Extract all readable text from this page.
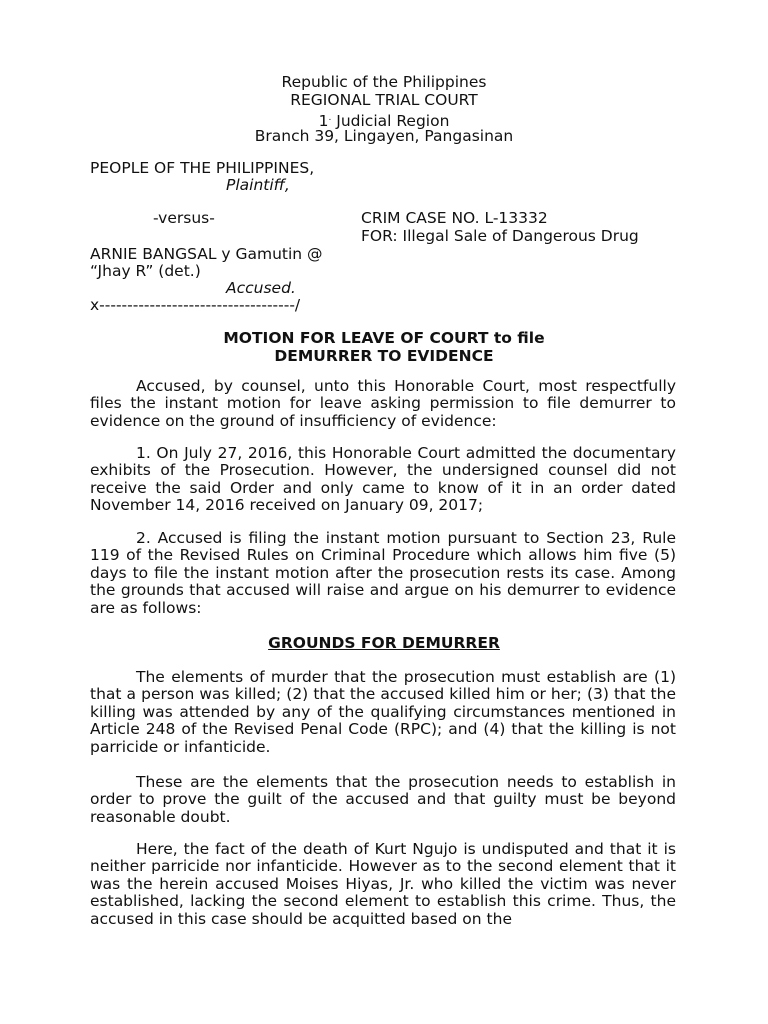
Republic of the Philippines
REGIONAL TRIAL COURT
1. Judicial Region
Branch 39, Lingayen, Pangasinan
PEOPLE OF THE PHILIPPINES,
Plaintiff,
-versus-	CRIM CASE NO. L-13332
FOR: Illegal Sale of Dangerous Drug
ARNIE BANGSAL y Gamutin @
“Jhay R” (det.)
Accused.
x-----------------------------------/
MOTION FOR LEAVE OF COURT to file
DEMURRER TO EVIDENCE
Accused, by counsel, unto this Honorable Court, most respectfully files the instant motion for leave asking permission to file demurrer to evidence on the ground of insufficiency of evidence:
1. On July 27, 2016, this Honorable Court admitted the documentary exhibits of the Prosecution. However, the undersigned counsel did not receive the said Order and only came to know of it in an order dated November 14, 2016 received on January 09, 2017;
2. Accused is filing the instant motion pursuant to Section 23, Rule 119 of the Revised Rules on Criminal Procedure which allows him five (5) days to file the instant motion after the prosecution rests its case. Among the grounds that accused will raise and argue on his demurrer to evidence are as follows:
GROUNDS FOR DEMURRER
The elements of murder that the prosecution must establish are (1) that a person was killed; (2) that the accused killed him or her; (3) that the killing was attended by any of the qualifying circumstances mentioned in Article 248 of the Revised Penal Code (RPC); and (4) that the killing is not parricide or infanticide.
These are the elements that the prosecution needs to establish in order to prove the guilt of the accused and that guilty must be beyond reasonable doubt.
Here, the fact of the death of Kurt Ngujo is undisputed and that it is neither parricide nor infanticide. However as to the second element that it was the herein accused Moises Hiyas, Jr. who killed the victim was never established, lacking the second element to establish this crime. Thus, the accused in this case should be acquitted based on the
